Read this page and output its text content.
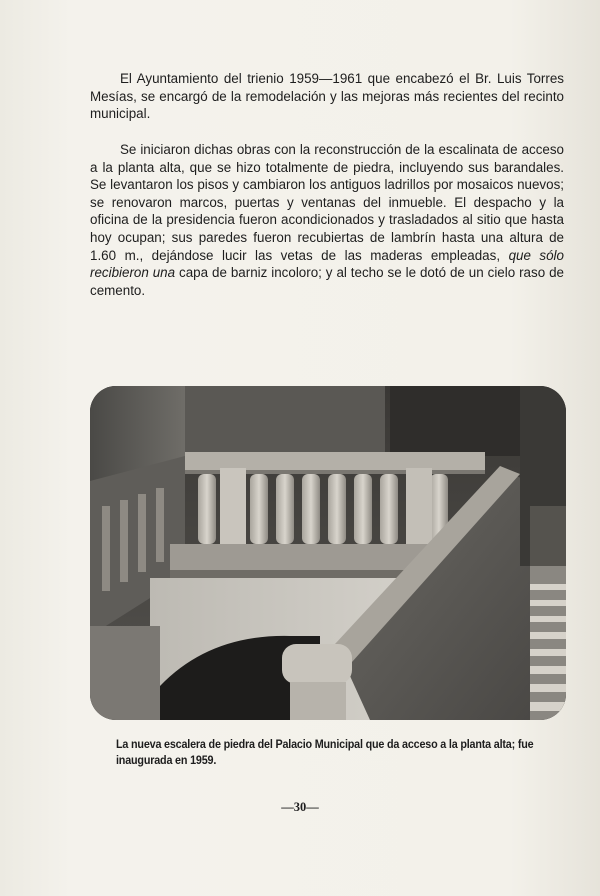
El Ayuntamiento del trienio 1959—1961 que encabezó el Br. Luis Torres Mesías, se encargó de la remodelación y las mejoras más recientes del recinto municipal.

Se iniciaron dichas obras con la reconstrucción de la escalinata de acceso a la planta alta, que se hizo totalmente de piedra, incluyendo sus barandales. Se levantaron los pisos y cambiaron los antiguos ladrillos por mosaicos nuevos; se renovaron marcos, puertas y ventanas del inmueble. El despacho y la oficina de la presidencia fueron acondicionados y trasladados al sitio que hasta hoy ocupan; sus paredes fueron recubiertas de lambrín hasta una altura de 1.60 m., dejándose lucir las vetas de las maderas empleadas, que sólo recibieron una capa de barniz incoloro; y al techo se le dotó de un cielo raso de cemento.

La nueva escalera de piedra del Palacio Municipal que da acceso a la planta alta; fue inaugurada en 1959.

—30—
